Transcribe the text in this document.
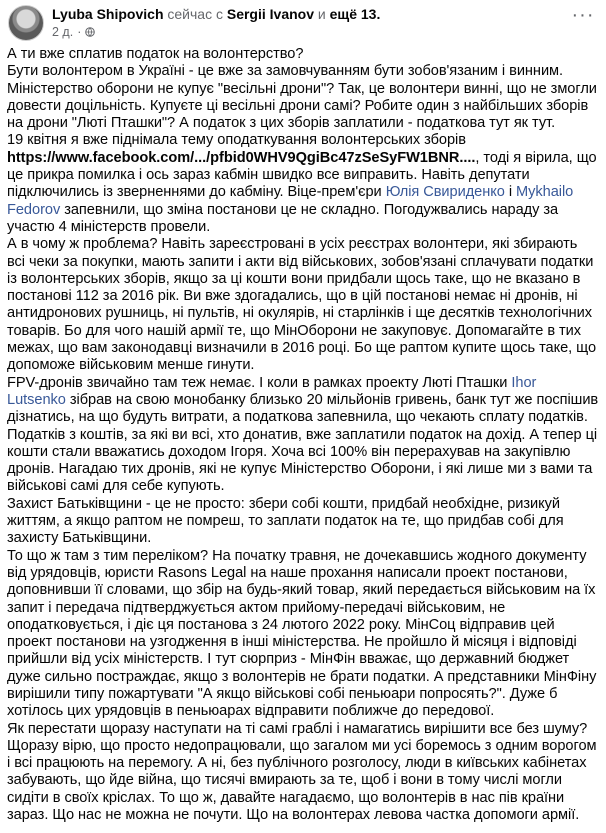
Lyuba Shipovich сейчас с Sergii Ivanov и ещё 13.
2 д. ·
···

А ти вже сплатив податок на волонтерство?

Бути волонтером в Україні - це вже за замовчуванням бути зобов'язаним і винним. Міністерство оборони не купує "весільні дрони"? Так, це волонтери винні, що не змогли довести доцільність. Купуєте ці весільні дрони самі? Робите один з найбільших зборів на дрони "Люті Пташки"? А податок з цих зборів заплатили - податкова тут як тут.

19 квітня я вже піднімала тему оподаткування волонтерських зборів https://www.facebook.com/.../pfbid0WHV9QgiBc47zSeSyFW1BNR...., тоді я вірила, що це прикра помилка і ось зараз кабмін швидко все виправить. Навіть депутати підключились із зверненнями до кабміну. Віце-прем'єри Юлія Свириденко і Mykhailo Fedorov запевнили, що зміна постанови це не складно. Погодужвались нараду за участю 4 міністерств провели.

А в чому ж проблема? Навіть зареєстровані в усіх реєстрах волонтери, які збирають всі чеки за покупки, мають запити і акти від військових, зобов'язані сплачувати податки із волонтерських зборів, якщо за ці кошти вони придбали щось таке, що не вказано в постанові 112 за 2016 рік. Ви вже здогадались, що в цій постанові немає ні дронів, ні антидронових рушниць, ні пультів, ні окулярів, ні старлінків і ще десятків технологічних товарів. Бо для чого нашій армії те, що МінОборони не закуповує. Допомагайте в тих межах, що вам законодавці визначили в 2016 році. Бо ще раптом купите щось таке, що допоможе військовим менше гинути.

FPV-дронів звичайно там теж немає. І коли в рамках проекту Люті Пташки Ihor Lutsenko зібрав на свою монобанку близько 20 мільйонів гривень, банк тут же поспішив дізнатись, на що будуть витрати, а податкова запевнила, що чекають сплату податків. Податків з коштів, за які ви всі, хто донатив, вже заплатили податок на дохід. А тепер ці кошти стали вважатись доходом Ігоря. Хоча всі 100% він перерахував на закупівлю дронів. Нагадаю тих дронів, які не купує Міністерство Оборони, і які лише ми з вами та військові самі для себе купують.

Захист Батьківщини - це не просто: збери собі кошти, придбай необхідне, ризикуй життям, а якщо раптом не помреш, то заплати податок на те, що придбав собі для захисту Батьківщини.

То що ж там з тим переліком? На початку травня, не дочекавшись жодного документу від урядовців, юристи Rasons Legal на наше прохання написали проект постанови, доповнивши її словами, що збір на будь-який товар, який передається військовим на їх запит і передача підтверджується актом прийому-передачі військовим, не оподатковується, і діє ця постанова з 24 лютого 2022 року. МінСоц відправив цей проект постанови на узгодження в інші міністерства. Не пройшло й місяця і відповіді прийшли від усіх міністерств. І тут сюрприз - МінФін вважає, що державний бюджет дуже сильно постраждає, якщо з волонтерів не брати податки. А представники МінФіну вирішили типу пожартувати "А якщо військові собі пеньюари попросять?". Дуже б хотілось цих урядовців в пеньюарах відправити поближче до передової.

Як перестати щоразу наступати на ті самі граблі і намагатись вирішити все без шуму? Щоразу вірю, що просто недопрацювали, що загалом ми усі боремось з одним ворогом і всі працюють на перемогу. А ні, без публічного розголосу, люди в київських кабінетах забувають, що йде війна, що тисячі вмирають за те, щоб і вони в тому числі могли сидіти в своїх кріслах. То що ж, давайте нагадаємо, що волонтерів в нас пів країни зараз. Що нас не можна не почути. Що на волонтерах левова частка допомоги армії.
